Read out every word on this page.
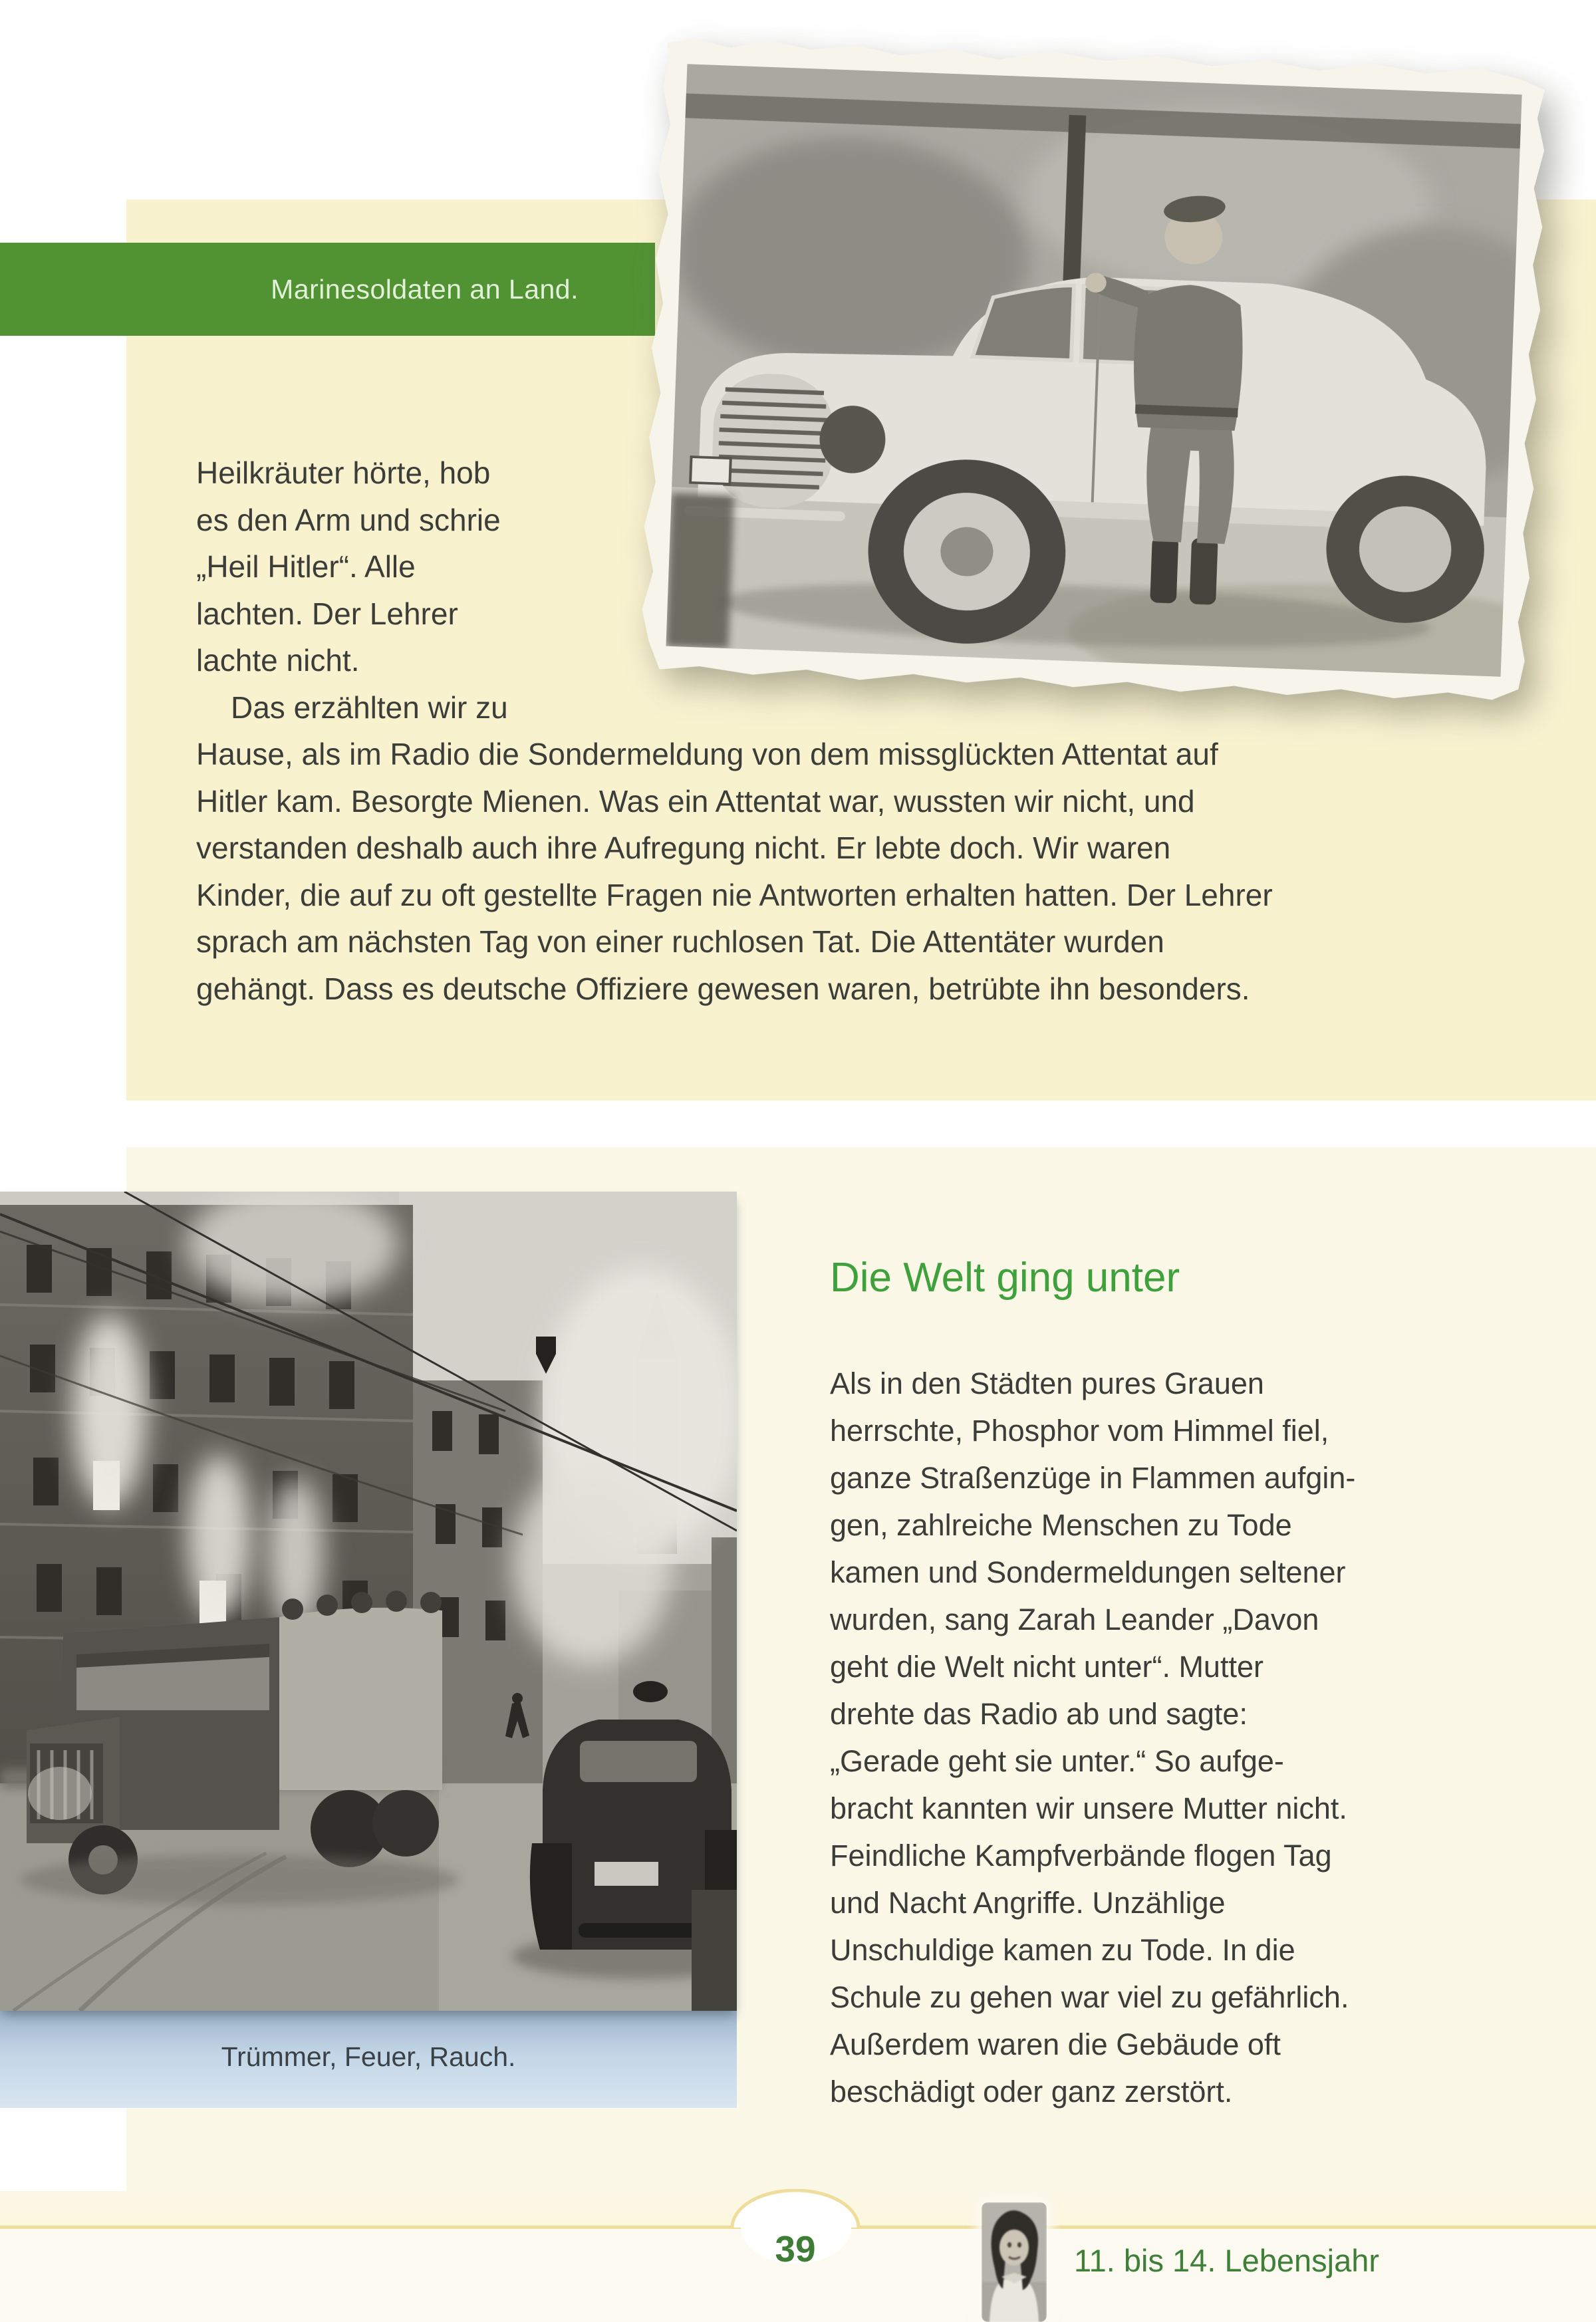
Marinesoldaten an Land.
Heilkräuter hörte, hob
es den Arm und schrie
„Heil Hitler“. Alle
lachten. Der Lehrer
lachte nicht.
Das erzählten wir zu
Hause, als im Radio die Sondermeldung von dem missglückten Attentat auf
Hitler kam. Besorgte Mienen. Was ein Attentat war, wussten wir nicht, und
verstanden deshalb auch ihre Aufregung nicht. Er lebte doch. Wir waren
Kinder, die auf zu oft gestellte Fragen nie Antworten erhalten hatten. Der Lehrer
sprach am nächsten Tag von einer ruchlosen Tat. Die Attentäter wurden
gehängt. Dass es deutsche Offiziere gewesen waren, betrübte ihn besonders.
Trümmer, Feuer, Rauch.
Die Welt ging unter
Als in den Städten pures Grauen
herrschte, Phosphor vom Himmel fiel,
ganze Straßenzüge in Flammen aufgin-
gen, zahlreiche Menschen zu Tode
kamen und Sondermeldungen seltener
wurden, sang Zarah Leander „Davon
geht die Welt nicht unter“. Mutter
drehte das Radio ab und sagte:
„Gerade geht sie unter.“ So aufge-
bracht kannten wir unsere Mutter nicht.
Feindliche Kampfverbände flogen Tag
und Nacht Angriffe. Unzählige
Unschuldige kamen zu Tode. In die
Schule zu gehen war viel zu gefährlich.
Außerdem waren die Gebäude oft
beschädigt oder ganz zerstört.
39	11. bis 14. Lebensjahr
